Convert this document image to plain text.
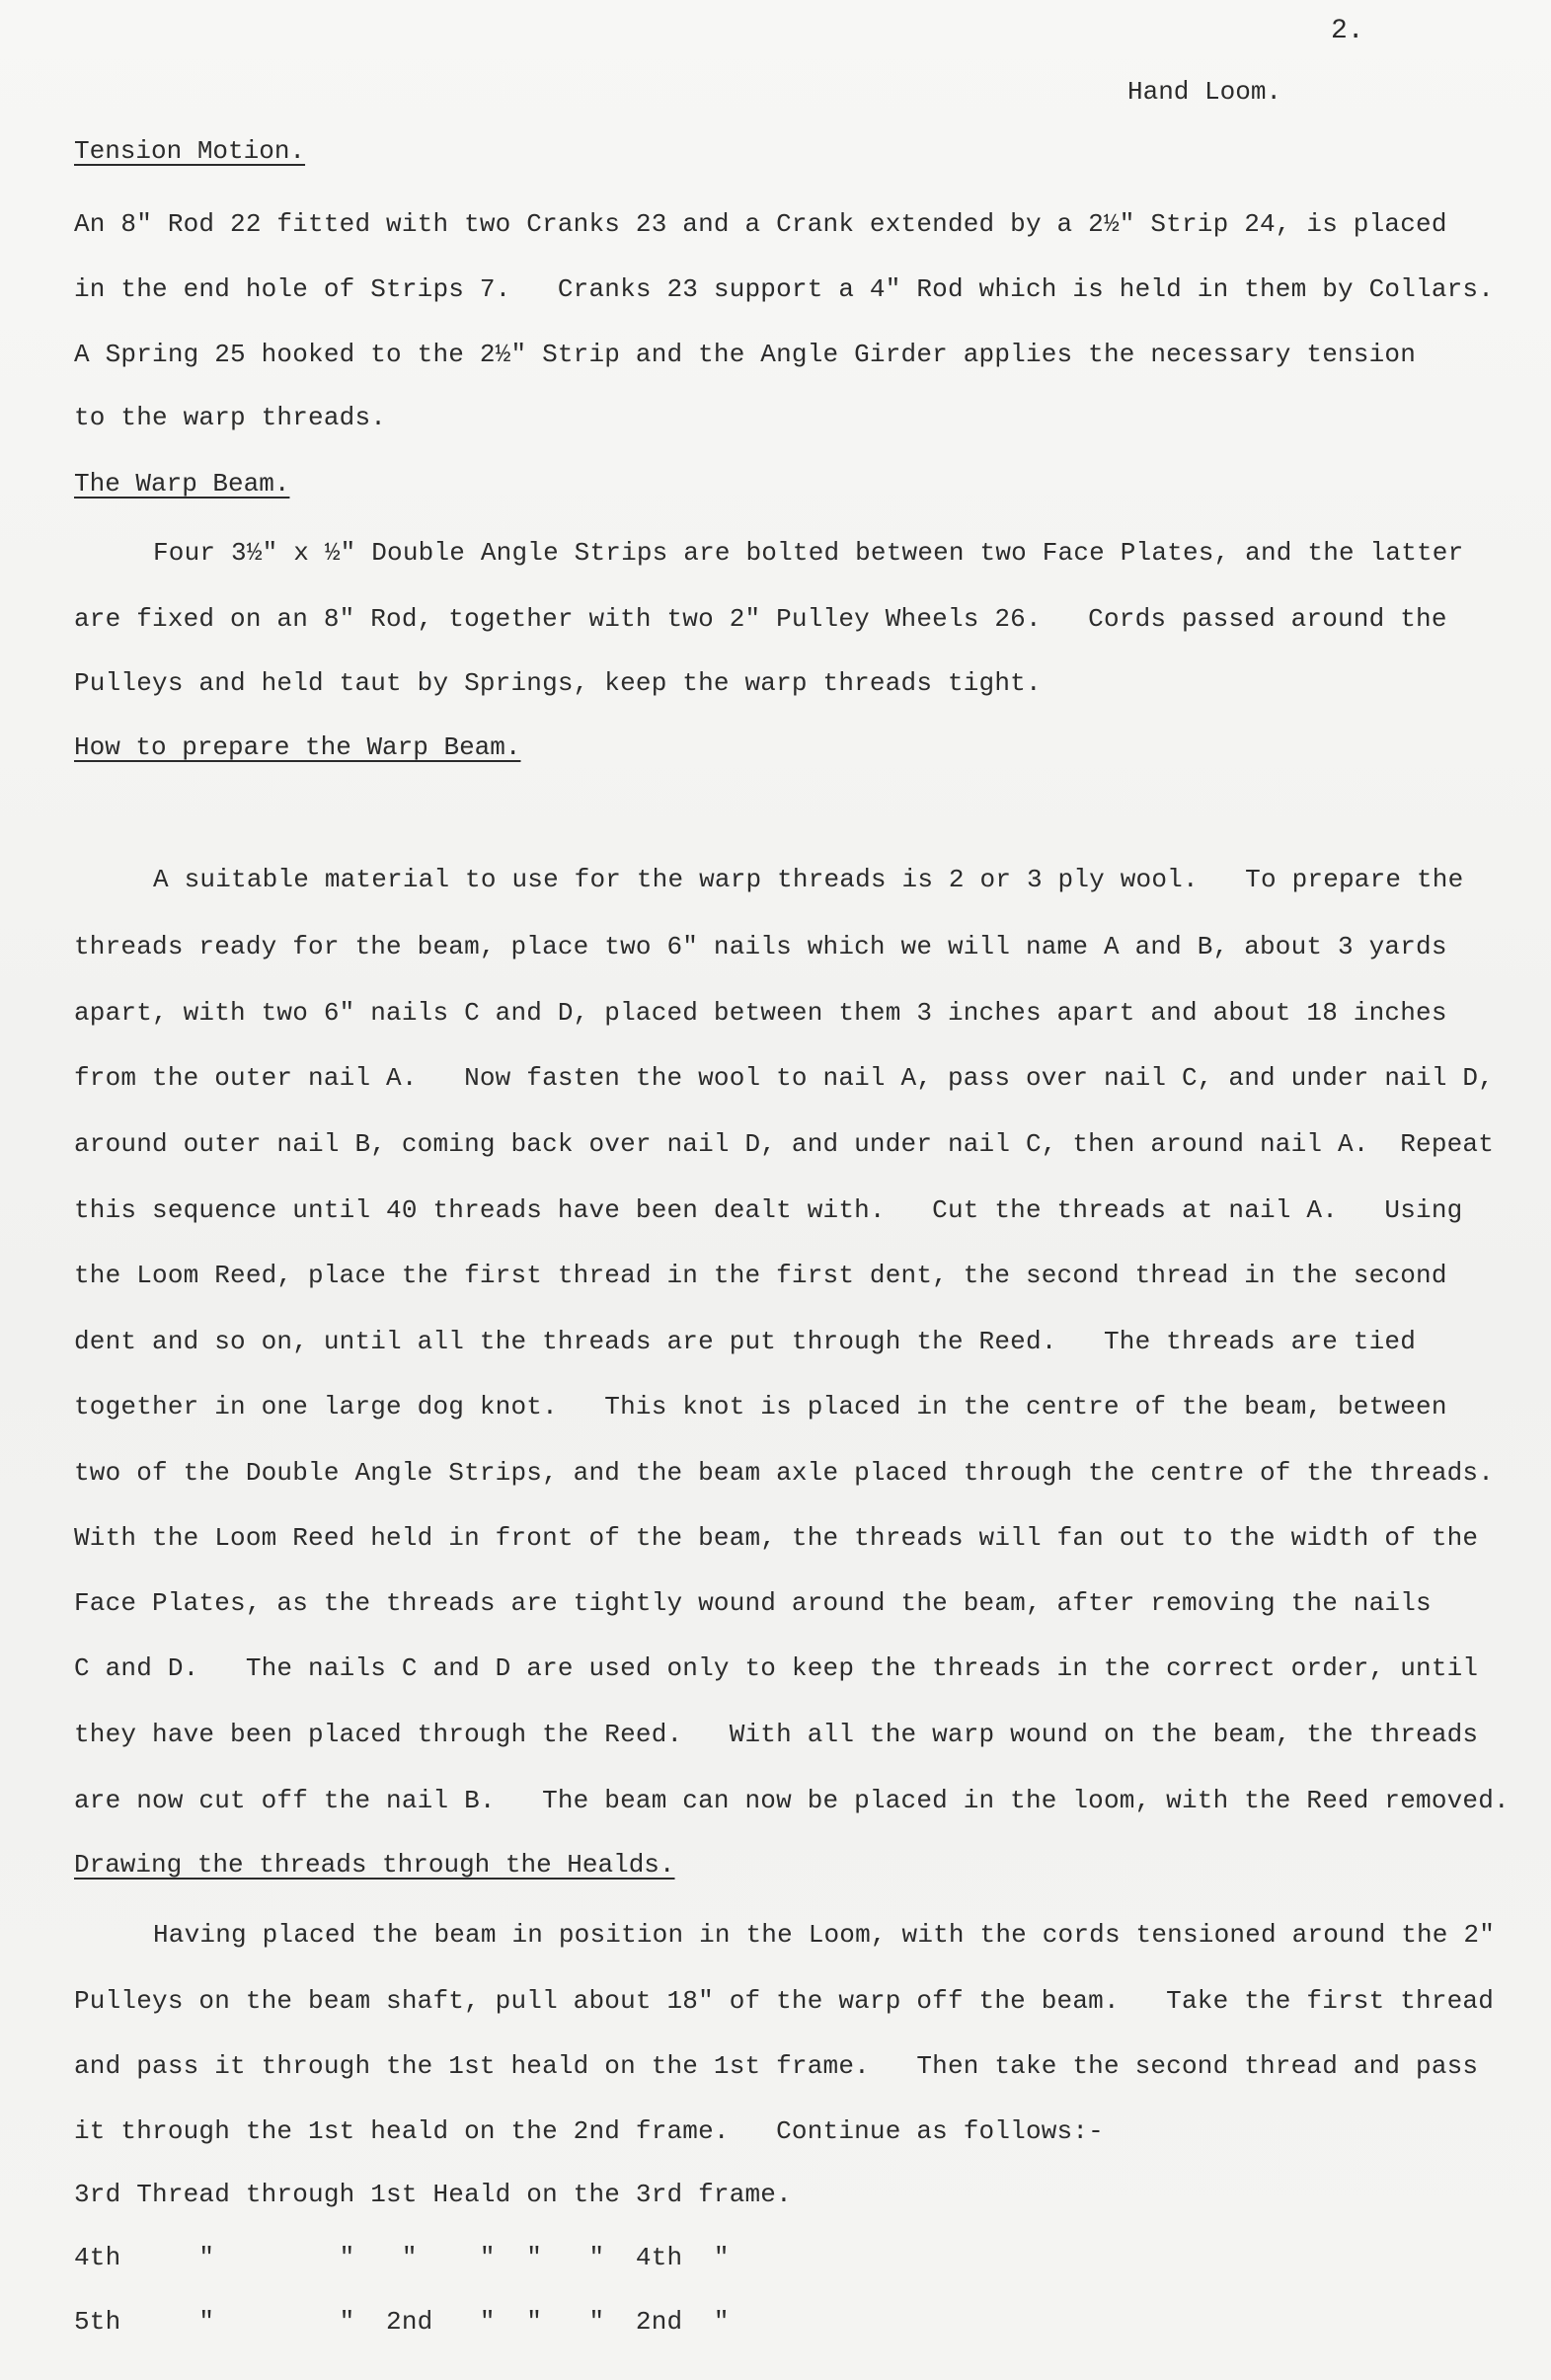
2.
Hand Loom.
Tension Motion.
An 8" Rod 22 fitted with two Cranks 23 and a Crank extended by a 2½" Strip 24, is placed
in the end hole of Strips 7.   Cranks 23 support a 4" Rod which is held in them by Collars.
A Spring 25 hooked to the 2½" Strip and the Angle Girder applies the necessary tension
to the warp threads.
The Warp Beam.
Four 3½" x ½" Double Angle Strips are bolted between two Face Plates, and the latter
are fixed on an 8" Rod, together with two 2" Pulley Wheels 26.   Cords passed around the
Pulleys and held taut by Springs, keep the warp threads tight.
How to prepare the Warp Beam.
A suitable material to use for the warp threads is 2 or 3 ply wool.   To prepare the
threads ready for the beam, place two 6" nails which we will name A and B, about 3 yards
apart, with two 6" nails C and D, placed between them 3 inches apart and about 18 inches
from the outer nail A.   Now fasten the wool to nail A, pass over nail C, and under nail D,
around outer nail B, coming back over nail D, and under nail C, then around nail A.  Repeat
this sequence until 40 threads have been dealt with.   Cut the threads at nail A.   Using
the Loom Reed, place the first thread in the first dent, the second thread in the second
dent and so on, until all the threads are put through the Reed.   The threads are tied
together in one large dog knot.   This knot is placed in the centre of the beam, between
two of the Double Angle Strips, and the beam axle placed through the centre of the threads.
With the Loom Reed held in front of the beam, the threads will fan out to the width of the
Face Plates, as the threads are tightly wound around the beam, after removing the nails
C and D.   The nails C and D are used only to keep the threads in the correct order, until
they have been placed through the Reed.   With all the warp wound on the beam, the threads
are now cut off the nail B.   The beam can now be placed in the loom, with the Reed removed.
Drawing the threads through the Healds.
Having placed the beam in position in the Loom, with the cords tensioned around the 2"
Pulleys on the beam shaft, pull about 18" of the warp off the beam.   Take the first thread
and pass it through the 1st heald on the 1st frame.   Then take the second thread and pass
it through the 1st heald on the 2nd frame.   Continue as follows:-
3rd Thread through 1st Heald on the 3rd frame.
4th     "        "   "    "  "   "  4th  "
5th     "        "  2nd   "  "   "  2nd  "
